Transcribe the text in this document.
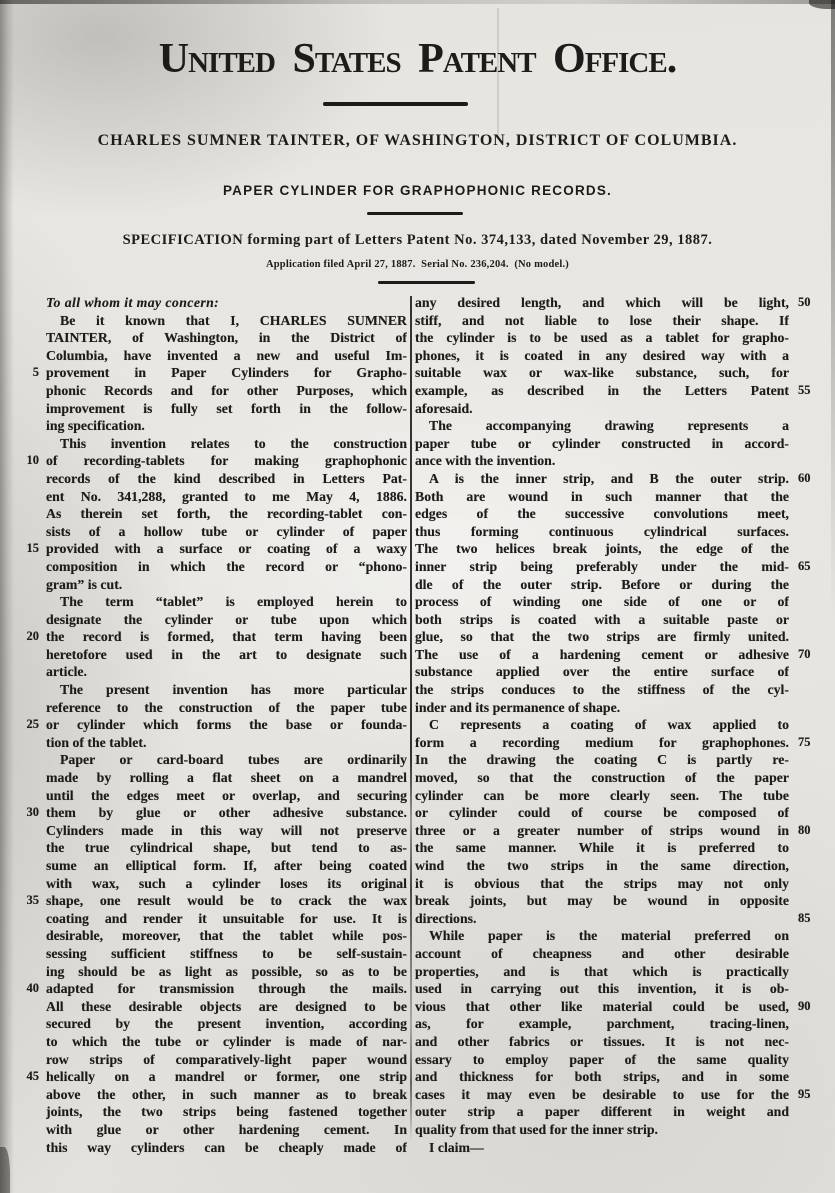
United States Patent Office.
CHARLES SUMNER TAINTER, OF WASHINGTON, DISTRICT OF COLUMBIA.
PAPER CYLINDER FOR GRAPHOPHONIC RECORDS.
SPECIFICATION forming part of Letters Patent No. 374,133, dated November 29, 1887.
Application filed April 27, 1887.  Serial No. 236,204.  (No model.)
To all whom it may concern:
Be it known that I, CHARLES SUMNER
TAINTER, of Washington, in the District of
Columbia, have invented a new and useful Im-
5 provement in Paper Cylinders for Grapho-
phonic Records and for other Purposes, which
improvement is fully set forth in the follow-
ing specification.
This invention relates to the construction
10 of recording-tablets for making graphophonic
records of the kind described in Letters Pat-
ent No. 341,288, granted to me May 4, 1886.
As therein set forth, the recording-tablet con-
sists of a hollow tube or cylinder of paper
15 provided with a surface or coating of a waxy
composition in which the record or “phono-
gram” is cut.
The term “tablet” is employed herein to
designate the cylinder or tube upon which
20 the record is formed, that term having been
heretofore used in the art to designate such
article.
The present invention has more particular
reference to the construction of the paper tube
25 or cylinder which forms the base or founda-
tion of the tablet.
Paper or card-board tubes are ordinarily
made by rolling a flat sheet on a mandrel
until the edges meet or overlap, and securing
30 them by glue or other adhesive substance.
Cylinders made in this way will not preserve
the true cylindrical shape, but tend to as-
sume an elliptical form. If, after being coated
with wax, such a cylinder loses its original
35 shape, one result would be to crack the wax
coating and render it unsuitable for use. It is
desirable, moreover, that the tablet while pos-
sessing sufficient stiffness to be self-sustain-
ing should be as light as possible, so as to be
40 adapted for transmission through the mails.
All these desirable objects are designed to be
secured by the present invention, according
to which the tube or cylinder is made of nar-
row strips of comparatively-light paper wound
45 helically on a mandrel or former, one strip
above the other, in such manner as to break
joints, the two strips being fastened together
with glue or other hardening cement. In
this way cylinders can be cheaply made of
any desired length, and which will be light, 50
stiff, and not liable to lose their shape. If
the cylinder is to be used as a tablet for grapho-
phones, it is coated in any desired way with a
suitable wax or wax-like substance, such, for
example, as described in the Letters Patent 55
aforesaid.
The accompanying drawing represents a
paper tube or cylinder constructed in accord-
ance with the invention.
A is the inner strip, and B the outer strip. 60
Both are wound in such manner that the
edges of the successive convolutions meet,
thus forming continuous cylindrical surfaces.
The two helices break joints, the edge of the
inner strip being preferably under the mid- 65
dle of the outer strip. Before or during the
process of winding one side of one or of
both strips is coated with a suitable paste or
glue, so that the two strips are firmly united.
The use of a hardening cement or adhesive 70
substance applied over the entire surface of
the strips conduces to the stiffness of the cyl-
inder and its permanence of shape.
C represents a coating of wax applied to
form a recording medium for graphophones. 75
In the drawing the coating C is partly re-
moved, so that the construction of the paper
cylinder can be more clearly seen. The tube
or cylinder could of course be composed of
three or a greater number of strips wound in 80
the same manner. While it is preferred to
wind the two strips in the same direction,
it is obvious that the strips may not only
break joints, but may be wound in opposite
directions.	85
While paper is the material preferred on
account of cheapness and other desirable
properties, and is that which is practically
used in carrying out this invention, it is ob-
vious that other like material could be used, 90
as, for example, parchment, tracing-linen,
and other fabrics or tissues. It is not nec-
essary to employ paper of the same quality
and thickness for both strips, and in some
cases it may even be desirable to use for the 95
outer strip a paper different in weight and
quality from that used for the inner strip.
I claim—
